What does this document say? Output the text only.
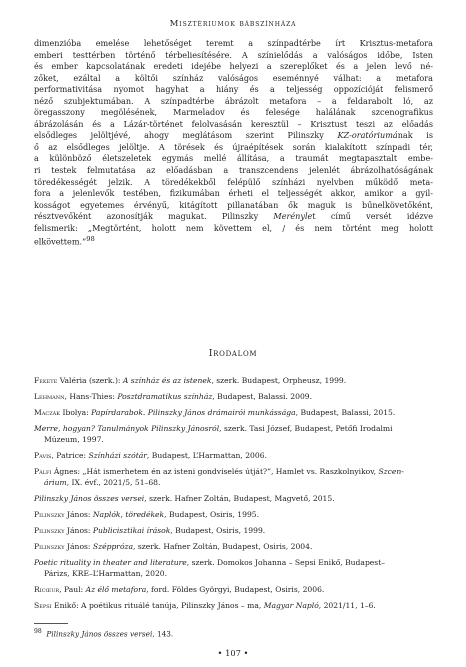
Misztériumok bábszínháza
dimenzióba emelése lehetőséget teremt a színpadtérbe írt Krisztus-metafora
emberi testtérben történő térbeliesítésére. A színielődás a valóságos időbe, Isten
és ember kapcsolatának eredeti idejébe helyezi a szereplőket és a jelen levő né-
zőket, ezáltal a költői színház valóságos eseménnyé válhat: a metafora
performativitása nyomot hagyhat a hiány és a teljesség oppozícióját felismerő
néző szubjektumában. A színpadtérbe ábrázolt metafora – a feldarabolt ló, az
öregasszony megölésének, Marmeladov és felesége halálának szcenografikus
ábrázolásán és a Lázár-történet felolvasásán keresztül – Krisztust teszi az előadás
elsődleges jelöltjévé, ahogy meglátásom szerint Pilinszky KZ-oratóriumának is
ő az elsődleges jelöltje. A törések és újraépítések során kialakított színpadi tér,
a különböző életszeletek egymás mellé állítása, a traumát megtapasztalt embe-
ri testek felmutatása az előadásban a transzcendens jelenlét ábrázolhatóságának
töredékességét jelzik. A töredékekből felépülő színházi nyelvben működő meta-
fora a jelenlevők testében, fizikumában érheti el teljességét akkor, amikor a gyil-
kosságot egyetemes érvényű, kitágított pillanatában ők maguk is bűnelkövetőként,
résztvevőként azonosítják magukat. Pilinszky Merénylet című versét idézve
felismerik: „Megtörtént, holott nem követtem el, / és nem történt meg holott
elkövettem.”$^{98}$
Irodalom
Fekete Valéria (szerk.): A színház és az istenek, szerk. Budapest, Orpheusz, 1999.
Lehmann, Hans-Thies: Posztdramatikus színház, Budapest, Balassi. 2009.
Maczák Ibolya: Papírdarabok. Pilinszky János drámairói munkássága, Budapest, Balassi, 2015.
Merre, hogyan? Tanulmányok Pilinszky Jánosról, szerk. Tasi József, Budapest, Petőfi Irodalmi
Múzeum, 1997.
Pavis, Patrice: Színházi szótár, Budapest, L’Harmattan, 2006.
Pálfi Ágnes: „Hát ismerhetem én az isteni gondviselés útját?”, Hamlet vs. Raszkolnyikov, Szcen-
árium, IX. évf., 2021/5, 51–68.
Pilinszky János összes versei, szerk. Hafner Zoltán, Budapest, Magvető, 2015.
Pilinszky János: Naplók, töredékek, Budapest, Osiris, 1995.
Pilinszky János: Publicisztikai írások, Budapest, Osiris, 1999.
Pilinszky János: Széppróza, szerk. Hafner Zoltán, Budapest, Osiris, 2004.
Poetic rituality in theater and literature, szerk. Domokos Johanna – Sepsi Enikő, Budapest–
Párizs, KRE–L’Harmattan, 2020.
Ricœur, Paul: Az élő metafora, ford. Földes Györgyi, Budapest, Osiris, 2006.
Sepsi Enikő: A poétikus rituálé tanúja, Pilinszky János – ma, Magyar Napló, 2021/11, 1–6.
$^{98}$ Pilinszky János összes versei, 143.
• 107 •
